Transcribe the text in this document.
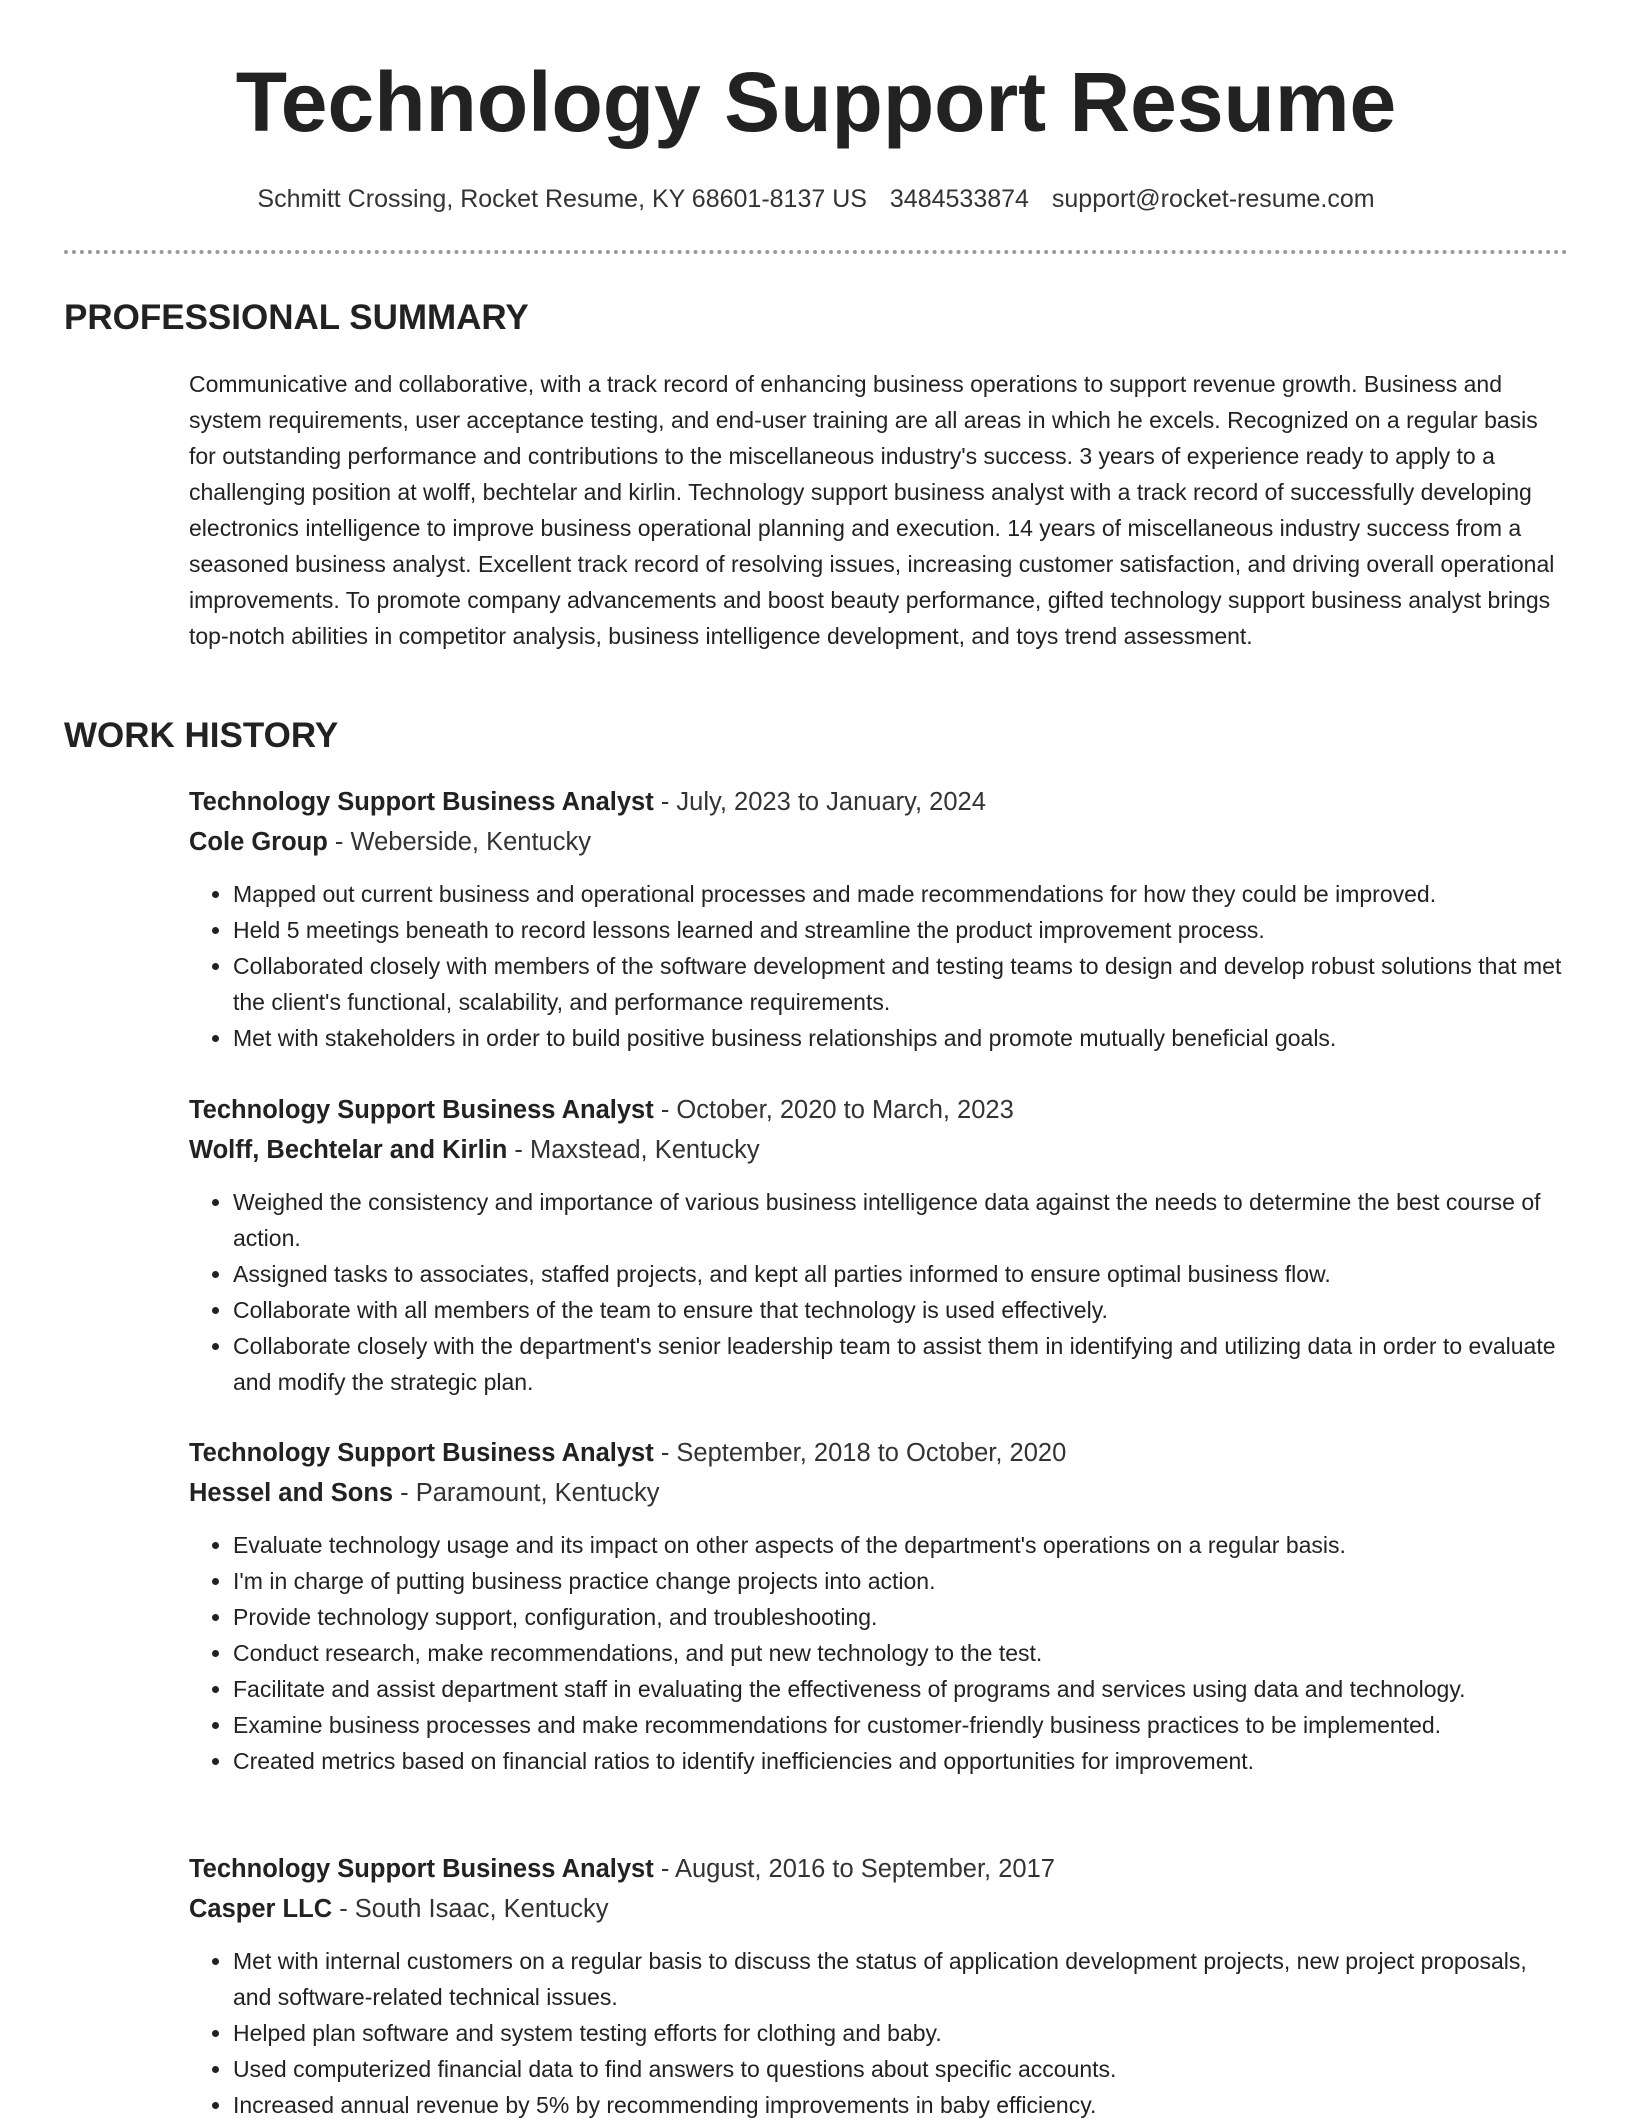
Technology Support Resume
Schmitt Crossing, Rocket Resume, KY 68601-8137 US 3484533874 support@rocket-resume.com
PROFESSIONAL SUMMARY

Communicative and collaborative, with a track record of enhancing business operations to support revenue growth. Business and system requirements, user acceptance testing, and end-user training are all areas in which he excels. Recognized on a regular basis for outstanding performance and contributions to the miscellaneous industry's success. 3 years of experience ready to apply to a challenging position at wolff, bechtelar and kirlin. Technology support business analyst with a track record of successfully developing electronics intelligence to improve business operational planning and execution. 14 years of miscellaneous industry success from a seasoned business analyst. Excellent track record of resolving issues, increasing customer satisfaction, and driving overall operational improvements. To promote company advancements and boost beauty performance, gifted technology support business analyst brings top-notch abilities in competitor analysis, business intelligence development, and toys trend assessment.

WORK HISTORY

Technology Support Business Analyst - July, 2023 to January, 2024

Cole Group - Weberside, Kentucky

• Mapped out current business and operational processes and made recommendations for how they could be improved.
• Held 5 meetings beneath to record lessons learned and streamline the product improvement process.
• Collaborated closely with members of the software development and testing teams to design and develop robust solutions that met the client's functional, scalability, and performance requirements.
• Met with stakeholders in order to build positive business relationships and promote mutually beneficial goals.

Technology Support Business Analyst - October, 2020 to March, 2023

Wolff, Bechtelar and Kirlin - Maxstead, Kentucky

• Weighed the consistency and importance of various business intelligence data against the needs to determine the best course of action.
• Assigned tasks to associates, staffed projects, and kept all parties informed to ensure optimal business flow.
• Collaborate with all members of the team to ensure that technology is used effectively.
• Collaborate closely with the department's senior leadership team to assist them in identifying and utilizing data in order to evaluate and modify the strategic plan.

Technology Support Business Analyst - September, 2018 to October, 2020

Hessel and Sons - Paramount, Kentucky

• Evaluate technology usage and its impact on other aspects of the department's operations on a regular basis.
• I'm in charge of putting business practice change projects into action.
• Provide technology support, configuration, and troubleshooting.
• Conduct research, make recommendations, and put new technology to the test.
• Facilitate and assist department staff in evaluating the effectiveness of programs and services using data and technology.
• Examine business processes and make recommendations for customer-friendly business practices to be implemented.
• Created metrics based on financial ratios to identify inefficiencies and opportunities for improvement.

Technology Support Business Analyst - August, 2016 to September, 2017

Casper LLC - South Isaac, Kentucky

• Met with internal customers on a regular basis to discuss the status of application development projects, new project proposals, and software-related technical issues.
• Helped plan software and system testing efforts for clothing and baby.
• Used computerized financial data to find answers to questions about specific accounts.
• Increased annual revenue by 5% by recommending improvements in baby efficiency.
